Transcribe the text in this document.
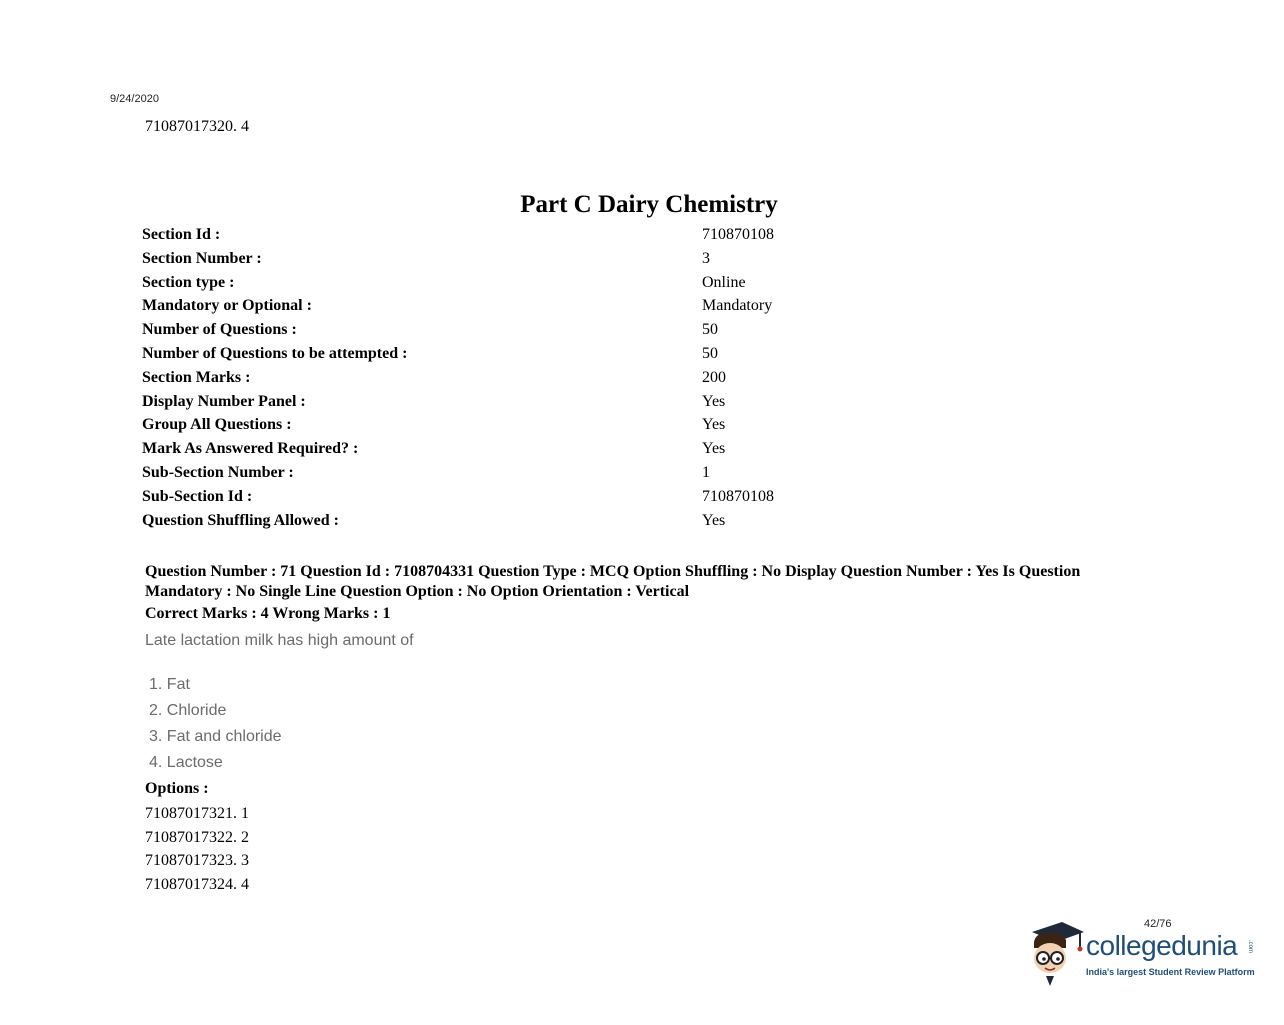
9/24/2020
71087017320. 4
Part C Dairy Chemistry
Section Id :	710870108
Section Number :	3
Section type :	Online
Mandatory or Optional :	Mandatory
Number of Questions :	50
Number of Questions to be attempted :	50
Section Marks :	200
Display Number Panel :	Yes
Group All Questions :	Yes
Mark As Answered Required? :	Yes
Sub-Section Number :	1
Sub-Section Id :	710870108
Question Shuffling Allowed :	Yes
Question Number : 71 Question Id : 7108704331 Question Type : MCQ Option Shuffling : No Display Question Number : Yes Is Question Mandatory : No Single Line Question Option : No Option Orientation : Vertical
Correct Marks : 4 Wrong Marks : 1
Late lactation milk has high amount of
1. Fat
2. Chloride
3. Fat and chloride
4. Lactose
Options :
71087017321. 1
71087017322. 2
71087017323. 3
71087017324. 4
42/76
collegedunia .com
India's largest Student Review Platform
